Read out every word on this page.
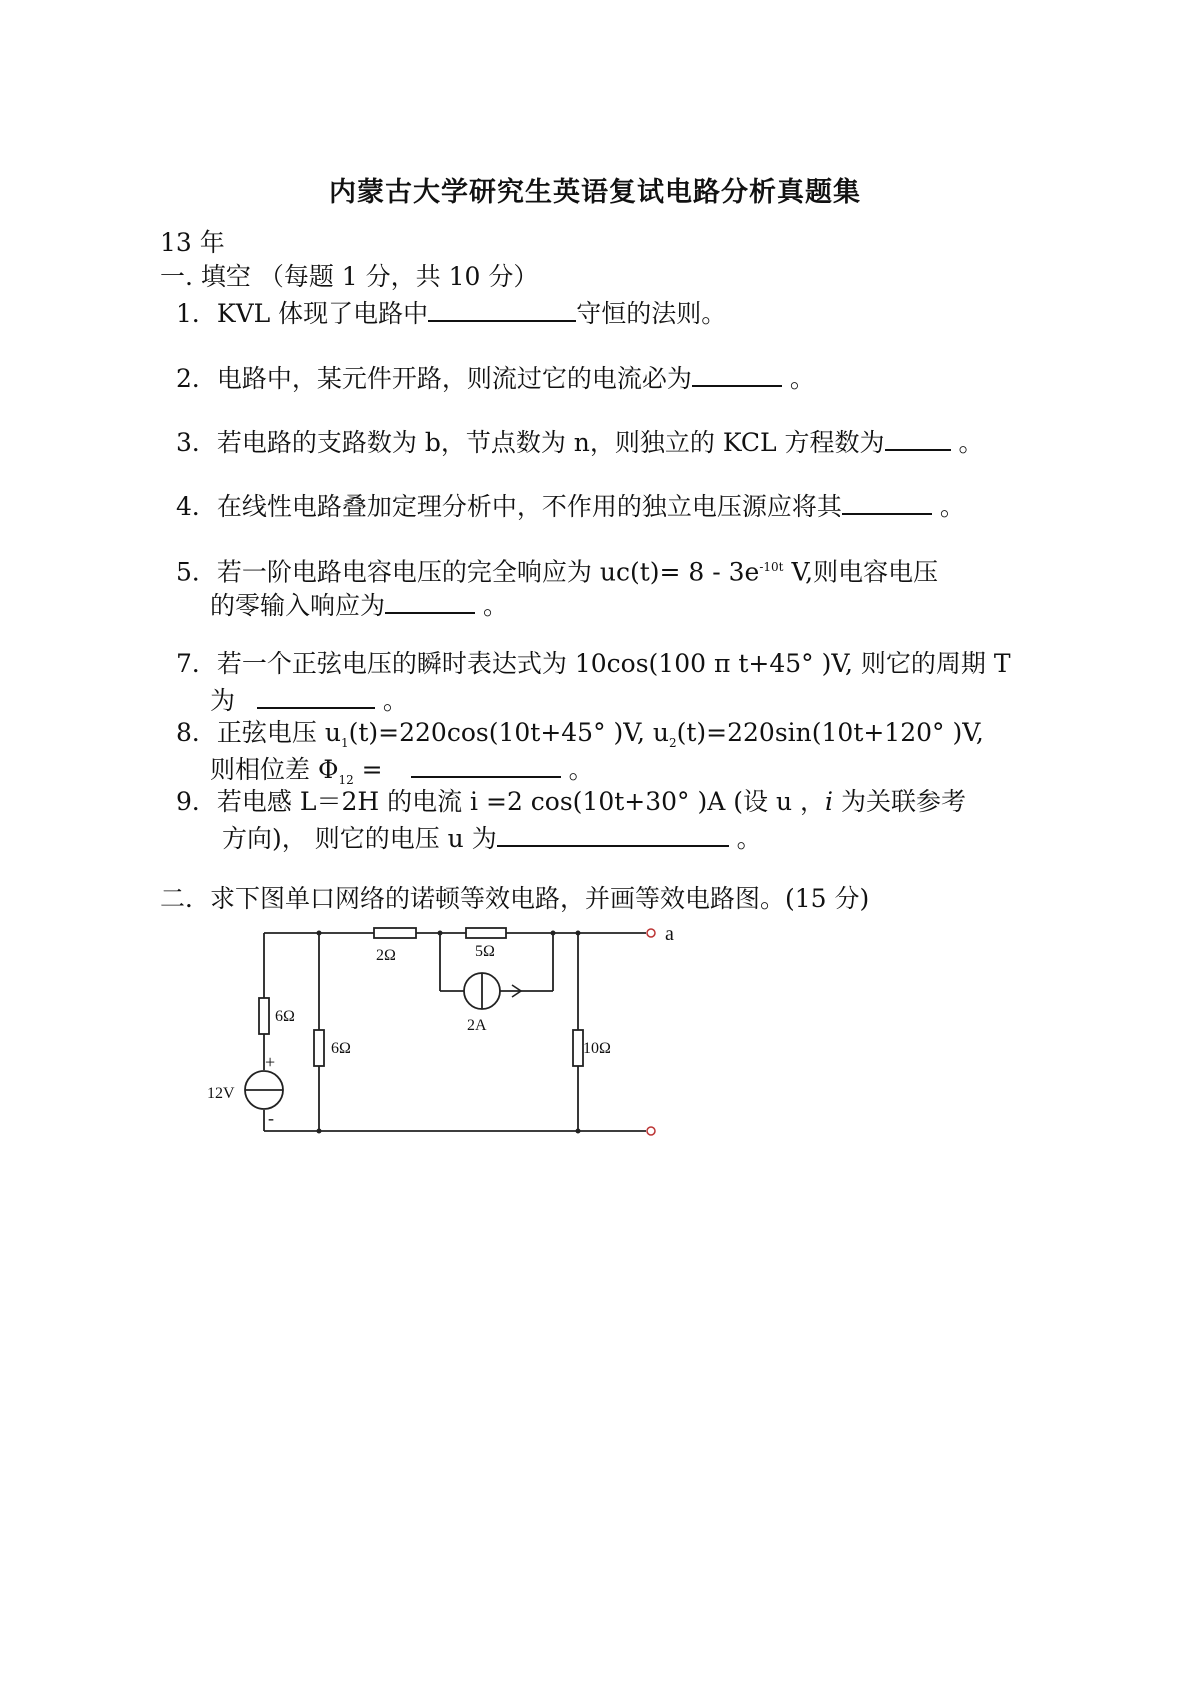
内蒙古大学研究生英语复试电路分析真题集
13 年
一. 填空 （每题 1 分，共 10 分）
1．KVL 体现了电路中	守恒的法则。
2．电路中，某元件开路，则流过它的电流必为	。
3．若电路的支路数为 b，节点数为 n，则独立的 KCL 方程数为	。
4．在线性电路叠加定理分析中，不作用的独立电压源应将其	。
5．若一阶电路电容电压的完全响应为 $uc(t)= 8 - 3e^{-10t}$ V,则电容电压
的零输入响应为	。
7．若一个正弦电压的瞬时表达式为 10cos(100 π t+45° )V, 则它的周期 T
为	。
8．正弦电压 $u_1(t)=220\cos(10t+45^\circ$ )V, $u_2(t)=220\sin(10t+120^\circ$ )V,
则相位差 $\Phi_{12}$ =	。
9．若电感 L＝2H 的电流 i =2 cos(10t+30° )A (设 u ，i 为关联参考
方向)， 则它的电压 u 为	。
二．求下图单口网络的诺顿等效电路，并画等效电路图。(15 分)
a
2Ω	5Ω
6Ω
6Ω	10Ω
2A
12V
+
-
